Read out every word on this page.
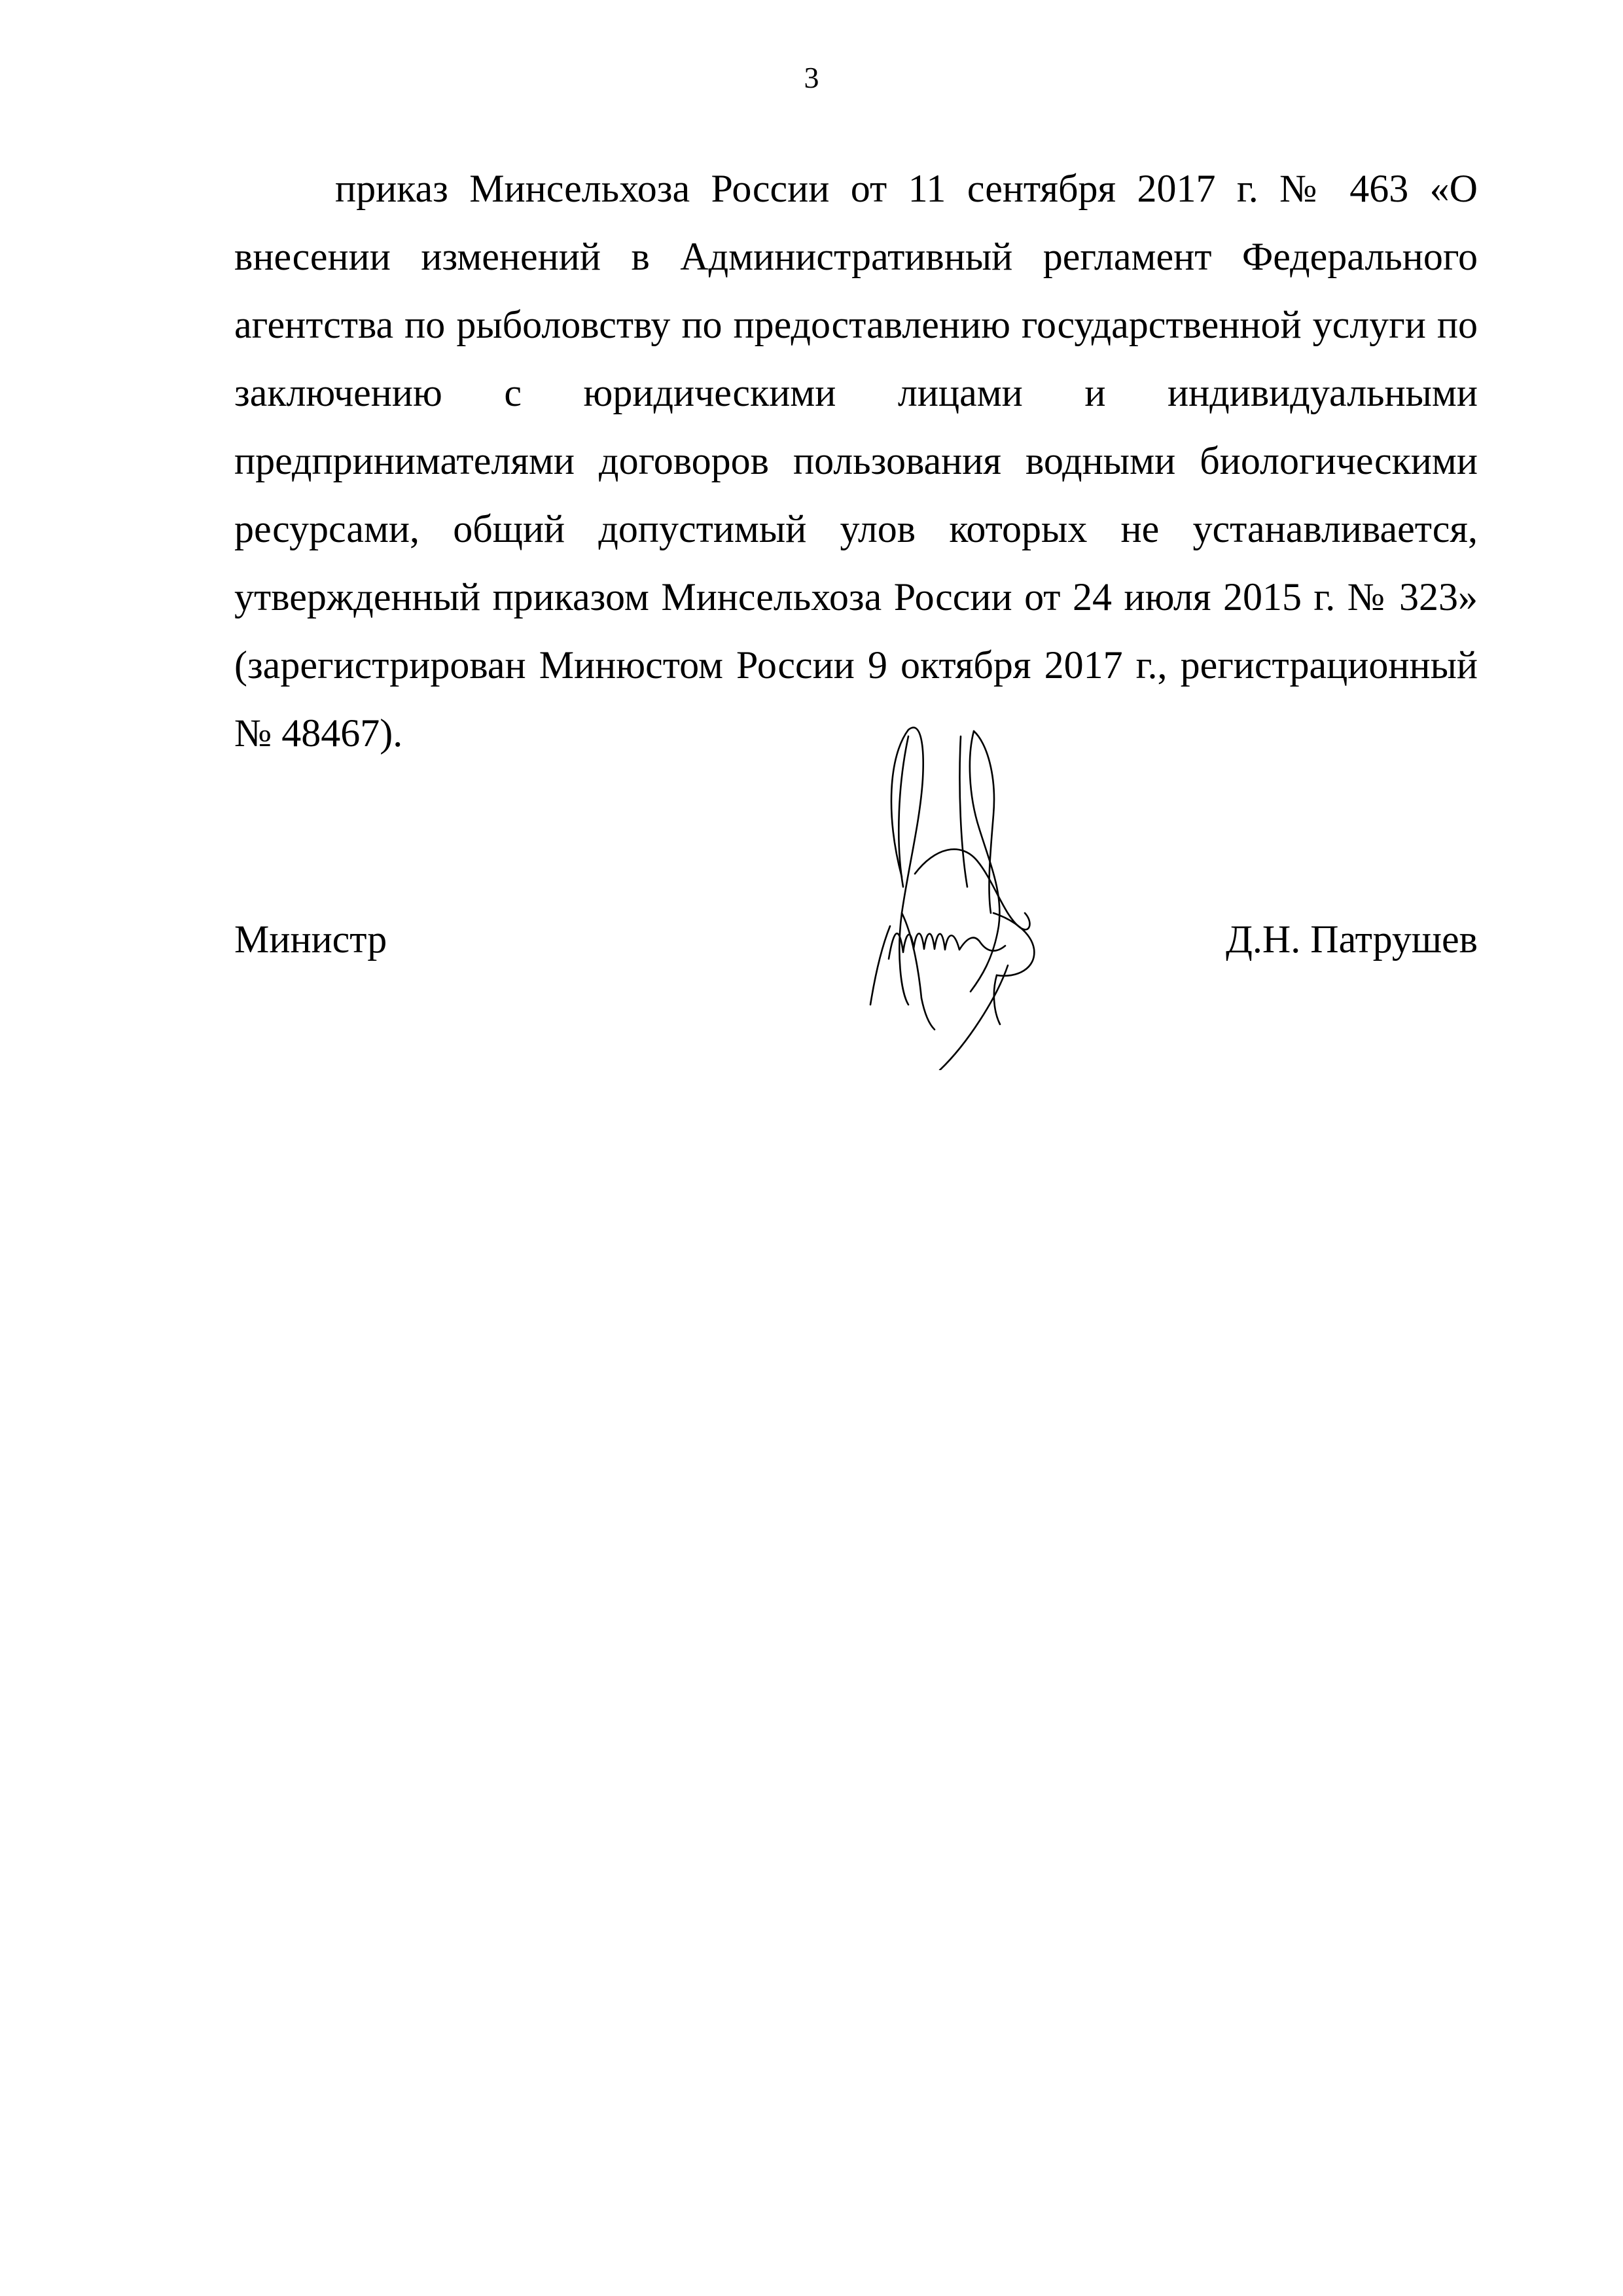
3

приказ Минсельхоза России от 11 сентября 2017 г. № 463 «О внесении изменений в Административный регламент Федерального агентства по рыболовству по предоставлению государственной услуги по заключению с юридическими лицами и индивидуальными предпринимателями договоров пользования водными биологическими ресурсами, общий допустимый улов которых не устанавливается, утвержденный приказом Минсельхоза России от 24 июля 2015 г. № 323» (зарегистрирован Минюстом России 9 октября 2017 г., регистрационный № 48467).

Министр	Д.Н. Патрушев
